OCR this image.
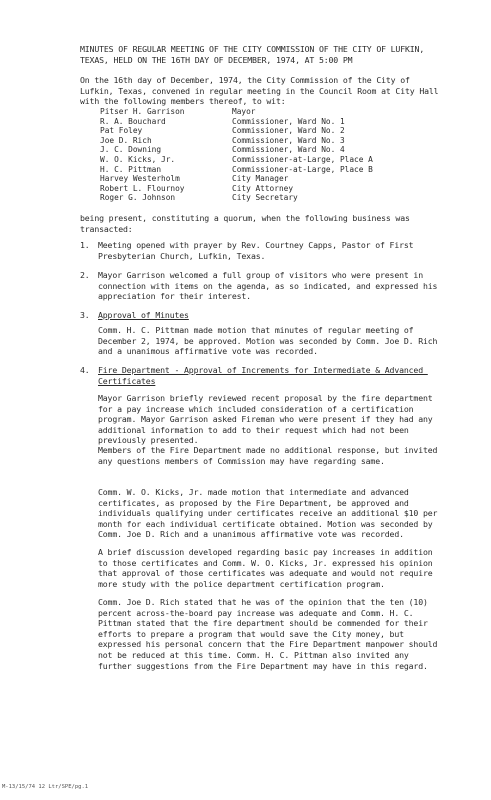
MINUTES OF REGULAR MEETING OF THE CITY COMMISSION OF THE CITY OF LUFKIN, TEXAS, HELD ON THE 16TH DAY OF DECEMBER, 1974, AT 5:00 PM
On the 16th day of December, 1974, the City Commission of the City of Lufkin, Texas, convened in regular meeting in the Council Room at City Hall with the following members thereof, to wit:
Pitser H. Garrison	Mayor
R. A. Bouchard	Commissioner, Ward No. 1
Pat Foley	Commissioner, Ward No. 2
Joe D. Rich	Commissioner, Ward No. 3
J. C. Downing	Commissioner, Ward No. 4
W. O. Kicks, Jr.	Commissioner-at-Large, Place A
H. C. Pittman	Commissioner-at-Large, Place B
Harvey Westerholm	City Manager
Robert L. Flournoy	City Attorney
Roger G. Johnson	City Secretary
being present, constituting a quorum, when the following business was transacted:
1.	Meeting opened with prayer by Rev. Courtney Capps, Pastor of First Presbyterian Church, Lufkin, Texas.
2.	Mayor Garrison welcomed a full group of visitors who were present in connection with items on the agenda, as so indicated, and expressed his appreciation for their interest.
3.	Approval of Minutes
Comm. H. C. Pittman made motion that minutes of regular meeting of December 2, 1974, be approved. Motion was seconded by Comm. Joe D. Rich and a unanimous affirmative vote was recorded.
4.	Fire Department - Approval of Increments for Intermediate & Advanced Certificates
Mayor Garrison briefly reviewed recent proposal by the fire department for a pay increase which included consideration of a certification program. Mayor Garrison asked Fireman who were present if they had any additional information to add to their request which had not been previously presented.
Members of the Fire Department made no additional response, but invited any questions members of Commission may have regarding same.
Comm. W. O. Kicks, Jr. made motion that intermediate and advanced certificates, as proposed by the Fire Department, be approved and individuals qualifying under certificates receive an additional $10 per month for each individual certificate obtained. Motion was seconded by Comm. Joe D. Rich and a unanimous affirmative vote was recorded.
A brief discussion developed regarding basic pay increases in addition to those certificates and Comm. W. O. Kicks, Jr. expressed his opinion that approval of those certificates was adequate and would not require more study with the police department certification program.
Comm. Joe D. Rich stated that he was of the opinion that the ten (10) percent across-the-board pay increase was adequate and Comm. H. C. Pittman stated that the fire department should be commended for their efforts to prepare a program that would save the City money, but expressed his personal concern that the Fire Department manpower should not be reduced at this time. Comm. H. C. Pittman also invited any further suggestions from the Fire Department may have in this regard.
M-13/15/74 12 Ltr/SPE/pg.1
